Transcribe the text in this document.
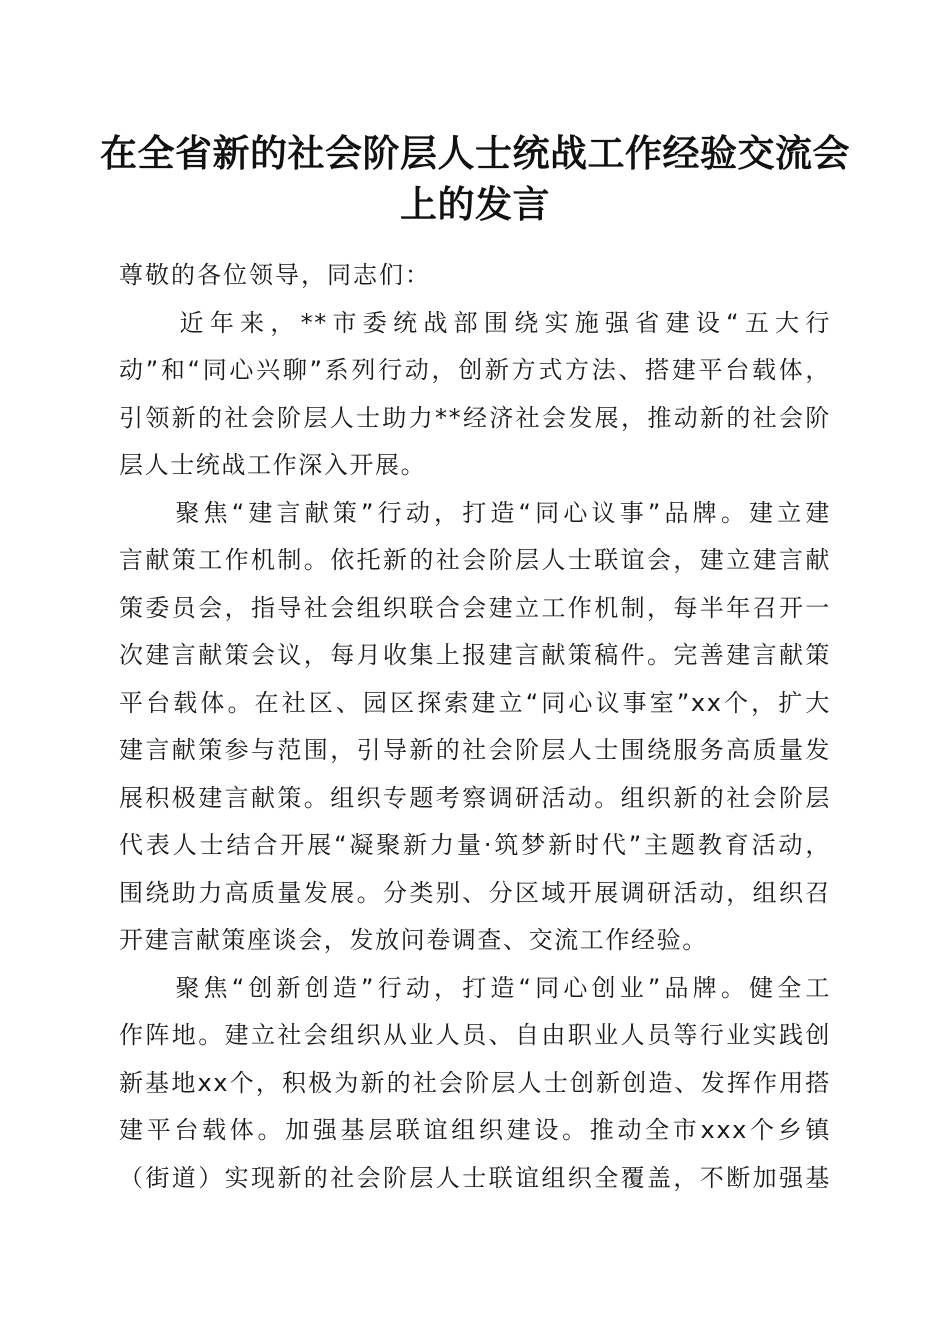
在全省新的社会阶层人士统战工作经验交流会
上的发言

尊敬的各位领导，同志们：

　　近年来，**市委统战部围绕实施强省建设“五大行
动”和“同心兴聊”系列行动，创新方式方法、搭建平台载体，
引领新的社会阶层人士助力**经济社会发展，推动新的社会阶
层人士统战工作深入开展。

　　聚焦“建言献策”行动，打造“同心议事”品牌。建立建
言献策工作机制。依托新的社会阶层人士联谊会，建立建言献
策委员会，指导社会组织联合会建立工作机制，每半年召开一
次建言献策会议，每月收集上报建言献策稿件。完善建言献策
平台载体。在社区、园区探索建立“同心议事室”xx个，扩大
建言献策参与范围，引导新的社会阶层人士围绕服务高质量发
展积极建言献策。组织专题考察调研活动。组织新的社会阶层
代表人士结合开展“凝聚新力量·筑梦新时代”主题教育活动，
围绕助力高质量发展。分类别、分区域开展调研活动，组织召
开建言献策座谈会，发放问卷调查、交流工作经验。

　　聚焦“创新创造”行动，打造“同心创业”品牌。健全工
作阵地。建立社会组织从业人员、自由职业人员等行业实践创
新基地xx个，积极为新的社会阶层人士创新创造、发挥作用搭
建平台载体。加强基层联谊组织建设。推动全市xxx个乡镇
（街道）实现新的社会阶层人士联谊组织全覆盖，不断加强基
